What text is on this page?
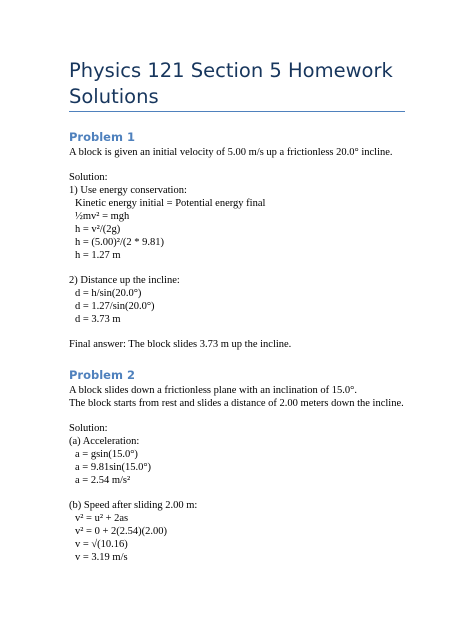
Physics 121 Section 5 Homework Solutions
Problem 1

A block is given an initial velocity of 5.00 m/s up a frictionless 20.0° incline.

Solution:

1) Use energy conservation:

Kinetic energy initial = Potential energy final

½mv² = mgh

h = v²/(2g)

h = (5.00)²/(2 * 9.81)

h = 1.27 m

2) Distance up the incline:

d = h/sin(20.0°)

d = 1.27/sin(20.0°)

d = 3.73 m

Final answer: The block slides 3.73 m up the incline.

Problem 2

A block slides down a frictionless plane with an inclination of 15.0°.

The block starts from rest and slides a distance of 2.00 meters down the incline.

Solution:

(a) Acceleration:

a = gsin(15.0°)

a = 9.81sin(15.0°)

a = 2.54 m/s²

(b) Speed after sliding 2.00 m:

v² = u² + 2as

v² = 0 + 2(2.54)(2.00)

v = √(10.16)

v = 3.19 m/s
